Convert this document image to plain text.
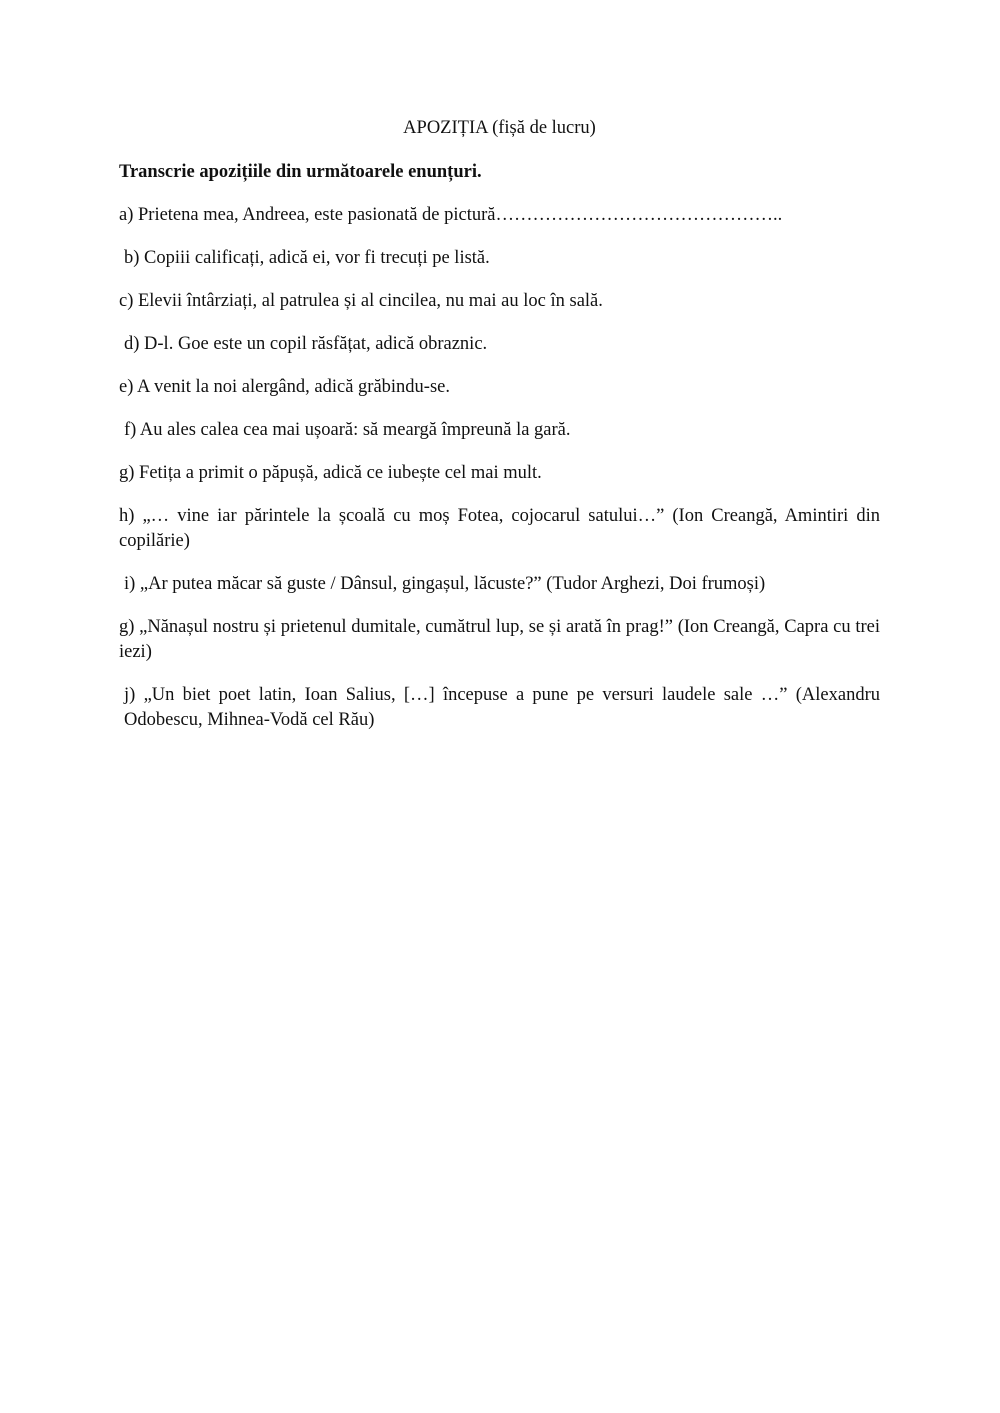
APOZIȚIA (fișă de lucru)
Transcrie apozițiile din următoarele enunțuri.
a) Prietena mea, Andreea, este pasionată de pictură………………………………………..
b) Copiii calificați, adică ei, vor fi trecuți pe listă.
c) Elevii întârziați, al patrulea și al cincilea, nu mai au loc în sală.
d) D-l. Goe este un copil răsfățat, adică obraznic.
e) A venit la noi alergând, adică grăbindu-se.
f) Au ales calea cea mai ușoară: să meargă împreună la gară.
g) Fetița a primit o păpușă, adică ce iubește cel mai mult.
h) „… vine iar părintele la școală cu moș Fotea, cojocarul satului…” (Ion Creangă, Amintiri din copilărie)
i) „Ar putea măcar să guste / Dânsul, gingașul, lăcuste?” (Tudor Arghezi, Doi frumoși)
g) „Nănașul nostru și prietenul dumitale, cumătrul lup, se și arată în prag!” (Ion Creangă, Capra cu trei iezi)
j) „Un biet poet latin, Ioan Salius, […] începuse a pune pe versuri laudele sale …” (Alexandru Odobescu, Mihnea-Vodă cel Rău)
